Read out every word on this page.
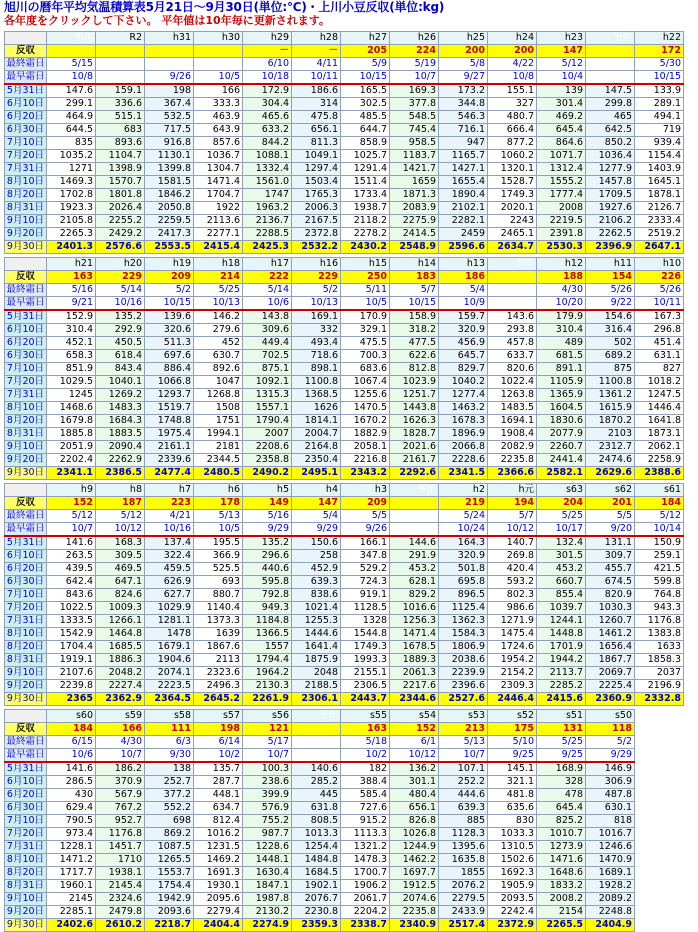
旭川の暦年平均気温積算表5月21日～9月30日(単位:℃)・上川小豆反収(単位:kg)
各年度をクリックして下さい。 平年値は10年毎に更新されます。
	平年	R2	h31	h30	h29	h28	h27	h26	h25	h24	h23	平年	h22
反収					－	－	205	224	200	200	147		172
最終霜日	5/15				6/10	4/11	5/9	5/19	5/8	4/22	5/12		5/30
最早霜日	10/8		9/26	10/5	10/18	10/11	10/15	10/7	9/27	10/8	10/4		10/15
5月31日	147.6	159.1	198	166	172.9	186.6	165.5	169.3	173.2	155.1	139	147.5	133.9
6月10日	299.1	336.6	367.4	333.3	304.4	314	302.5	377.8	344.8	327	301.4	299.8	289.1
6月20日	464.9	515.1	532.5	463.9	465.6	475.8	485.5	548.5	546.3	480.7	469.2	465	494.1
6月30日	644.5	683	717.5	643.9	633.2	656.1	644.7	745.4	716.1	666.4	645.4	642.5	719
7月10日	835	893.6	916.8	857.6	844.2	811.3	858.9	958.5	947	877.2	864.6	850.2	939.4
7月20日	1035.2	1104.7	1130.1	1036.7	1088.1	1049.1	1025.7	1183.7	1165.7	1060.2	1071.7	1036.4	1154.4
7月31日	1271	1398.9	1399.8	1304.7	1332.4	1297.4	1291.4	1421.7	1427.1	1320.1	1312.4	1277.9	1403.9
8月10日	1469.3	1570.7	1581.5	1471.4	1561.0	1503.4	1511.4	1659	1655.4	1528.7	1555.2	1457.8	1645.1
8月20日	1702.8	1801.8	1846.2	1704.7	1747	1765.3	1733.4	1871.3	1890.4	1749.3	1777.4	1709.5	1878.1
8月31日	1923.3	2026.4	2050.8	1922	1963.2	2006.3	1938.7	2083.9	2102.1	2020.1	2008	1927.6	2126.7
9月10日	2105.8	2255.2	2259.5	2113.6	2136.7	2167.5	2118.2	2275.9	2282.1	2243	2219.5	2106.2	2333.4
9月20日	2265.3	2429.2	2417.3	2277.1	2288.5	2372.8	2278.2	2414.5	2459	2465.1	2391.8	2262.5	2519.2
9月30日	2401.3	2576.6	2553.5	2415.4	2425.3	2532.2	2430.2	2548.9	2596.6	2634.7	2530.3	2396.9	2647.1
	h21	h20	h19	h18	h17	h16	h15	h14	h13	平年	h12	h11	h10
反収	163	229	209	214	222	229	250	183	186		188	154	226
最終霜日	5/16	5/14	5/2	5/25	5/14	5/2	5/11	5/7	5/4		4/30	5/26	5/26
最早霜日	9/21	10/16	10/15	10/13	10/6	10/13	10/5	10/15	10/9		10/20	9/22	10/11
5月31日	152.9	135.2	139.6	146.2	143.8	169.1	170.9	158.9	159.7	143.6	179.9	154.6	167.3
6月10日	310.4	292.9	320.6	279.6	309.6	332	329.1	318.2	320.9	293.8	310.4	316.4	296.8
6月20日	452.1	450.5	511.3	452	449.4	493.4	475.5	477.5	456.9	457.8	489	502	451.4
6月30日	658.3	618.4	697.6	630.7	702.5	718.6	700.3	622.6	645.7	633.7	681.5	689.2	631.1
7月10日	851.9	843.4	886.4	892.6	875.1	898.1	683.6	812.8	829.7	820.6	891.1	875	827
7月20日	1029.5	1040.1	1066.8	1047	1092.1	1100.8	1067.4	1023.9	1040.2	1022.4	1105.9	1100.8	1018.2
7月31日	1245	1269.2	1293.7	1268.8	1315.3	1368.5	1255.6	1251.7	1277.4	1263.8	1365.9	1361.2	1247.5
8月10日	1468.6	1483.3	1519.7	1508	1557.1	1626	1470.5	1443.8	1463.2	1483.5	1604.5	1615.9	1446.4
8月20日	1679.8	1684.3	1748.8	1751	1790.4	1814.1	1670.2	1626.3	1678.3	1694.1	1830.6	1870.2	1641.8
8月31日	1885.8	1883.5	1975.4	1994.1	2007	2004.7	1882.9	1828.7	1896.9	1908.4	2077.9	2103	1873.1
9月10日	2051.9	2090.4	2161.1	2181	2208.6	2164.8	2058.1	2021.6	2066.8	2082.9	2260.7	2312.7	2062.1
9月20日	2202.4	2262.9	2339.6	2344.5	2358.8	2350.4	2216.8	2161.7	2228.6	2235.8	2441.4	2474.6	2258.9
9月30日	2341.1	2386.5	2477.4	2480.5	2490.2	2495.1	2343.2	2292.6	2341.5	2366.6	2582.1	2629.6	2388.6
	h9	h8	h7	h6	h5	h4	h3	平年	h2	h元	s63	s62	s61
反収	152	187	223	178	149	147	209		219	194	204	201	184
最終霜日	5/12	5/12	4/21	5/13	5/16	5/4	5/5		5/24	5/7	5/25	5/5	5/12
最早霜日	10/7	10/12	10/16	10/5	9/29	9/29	9/26		10/24	10/12	10/17	9/20	10/14
5月31日	141.6	168.3	137.4	195.5	135.2	150.6	166.1	144.6	164.3	140.7	132.4	131.1	150.9
6月10日	263.5	309.5	322.4	366.9	296.6	258	347.8	291.9	320.9	269.8	301.5	309.7	259.1
6月20日	439.5	469.5	459.5	525.5	440.6	452.9	529.2	453.2	501.8	420.4	453.2	455.7	421.5
6月30日	642.4	647.1	626.9	693	595.8	639.3	724.3	628.1	695.8	593.2	660.7	674.5	599.8
7月10日	843.6	824.6	627.7	880.7	792.8	838.6	919.1	829.2	896.5	802.3	855.4	820.9	764.8
7月20日	1022.5	1009.3	1029.9	1140.4	949.3	1021.4	1128.5	1016.6	1125.4	986.6	1039.7	1030.3	943.3
7月31日	1333.5	1266.1	1281.1	1373.3	1184.8	1255.3	1328	1256.3	1362.3	1271.9	1244.1	1260.7	1176.8
8月10日	1542.9	1464.8	1478	1639	1366.5	1444.6	1544.8	1471.4	1584.3	1475.4	1448.8	1461.2	1383.8
8月20日	1704.4	1685.5	1679.1	1867.6	1557	1641.4	1749.3	1678.5	1806.9	1724.6	1701.9	1656.4	1633
8月31日	1919.1	1886.3	1904.6	2113	1794.4	1875.9	1993.3	1889.3	2038.6	1954.2	1944.2	1867.7	1858.3
9月10日	2107.6	2048.2	2074.1	2323.6	1964.2	2048	2155.1	2061.3	2239.9	2154.2	2113.7	2069.7	2037
9月20日	2239.8	2227.4	2223.5	2496.3	2130.3	2188.5	2306.5	2217.6	2396.6	2309.3	2285.2	2225.4	2196.9
9月30日	2365	2362.9	2364.5	2645.2	2261.9	2306.1	2443.7	2344.6	2527.6	2446.4	2415.6	2360.9	2332.8
	s60	s59	s58	s57	s56	平年	s55	s54	s53	s52	s51	s50
反収	184	166	111	198	121		163	152	213	175	131	118
最終霜日	6/15	4/30	6/3	6/14	5/17		5/18	6/1	5/13	5/10	5/25	5/2
最早霜日	10/6	10/7	9/30	10/2	10/7		10/2	10/12	10/7	9/25	9/25	9/29
5月31日	141.6	186.2	138	135.7	100.3	140.6	182	136.2	107.1	145.1	168.9	146.9
6月10日	286.5	370.9	252.7	287.7	238.6	285.2	388.4	301.1	252.2	321.1	328	306.9
6月20日	430	567.9	377.2	448.1	399.9	445	585.4	480.4	444.6	481.8	478	487.8
6月30日	629.4	767.2	552.2	634.7	576.9	631.8	727.6	656.1	639.3	635.6	645.4	630.1
7月10日	790.5	952.7	698	812.4	755.2	808.5	915.2	826.8	885	830	825.2	818
7月20日	973.4	1176.8	869.2	1016.2	987.7	1013.3	1113.3	1026.8	1128.3	1033.3	1010.7	1016.7
7月31日	1228.1	1451.7	1087.5	1231.5	1228.6	1254.4	1321.2	1244.9	1395.6	1310.5	1273.9	1246.6
8月10日	1471.2	1710	1265.5	1469.2	1448.1	1484.8	1478.3	1462.2	1635.8	1502.6	1471.6	1470.9
8月20日	1717.7	1938.1	1553.7	1691.3	1630.4	1684.5	1700.7	1697.7	1855	1692.3	1648.6	1689.1
8月31日	1960.1	2145.4	1754.4	1930.1	1847.1	1902.1	1906.2	1912.5	2076.2	1905.9	1833.2	1928.2
9月10日	2145	2324.6	1942.9	2095.6	1987.8	2076.7	2061.7	2074.6	2279.5	2093.5	2008.2	2089.2
9月20日	2285.1	2479.8	2093.6	2279.4	2130.2	2230.8	2204.2	2235.8	2433.9	2242.4	2154	2248.8
9月30日	2402.6	2610.2	2218.7	2404.4	2274.9	2359.3	2338.7	2340.9	2517.4	2372.9	2265.5	2404.9
